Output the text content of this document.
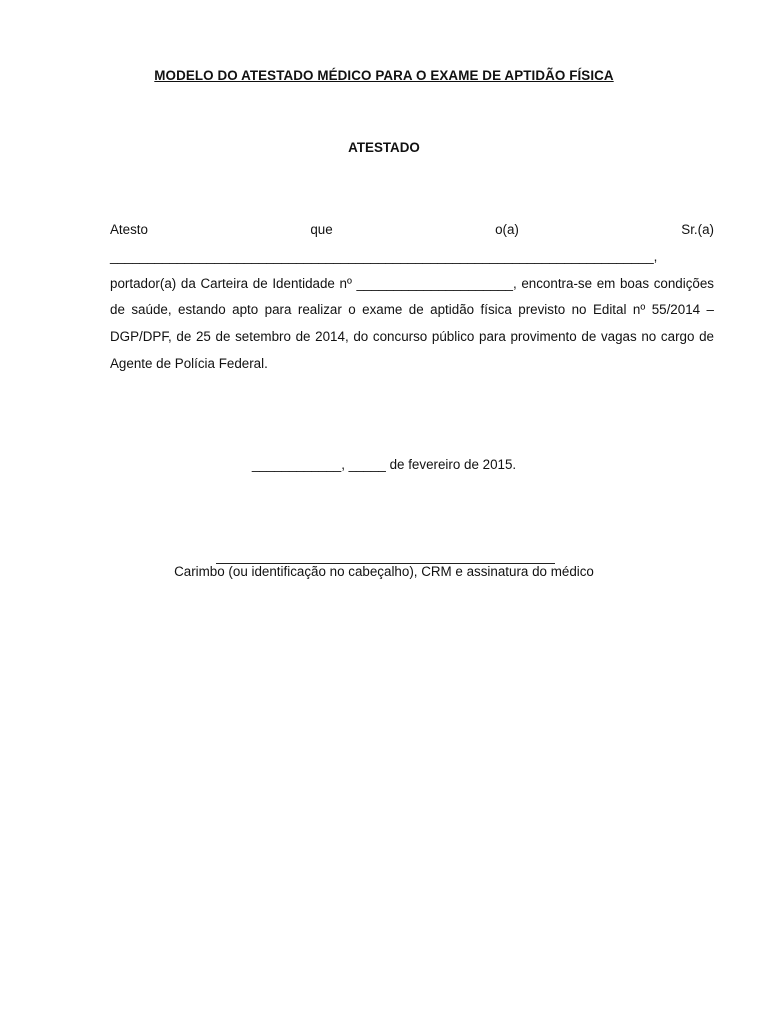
MODELO DO ATESTADO MÉDICO PARA O EXAME DE APTIDÃO FÍSICA
ATESTADO

Atesto que o(a) Sr.(a) _________________________________________________________________________, portador(a) da Carteira de Identidade nº _____________________, encontra-se em boas condições de saúde, estando apto para realizar o exame de aptidão física previsto no Edital nº 55/2014 – DGP/DPF, de 25 de setembro de 2014, do concurso público para provimento de vagas no cargo de Agente de Polícia Federal.

____________, _____ de fevereiro de 2015.
Carimbo (ou identificação no cabeçalho), CRM e assinatura do médico
